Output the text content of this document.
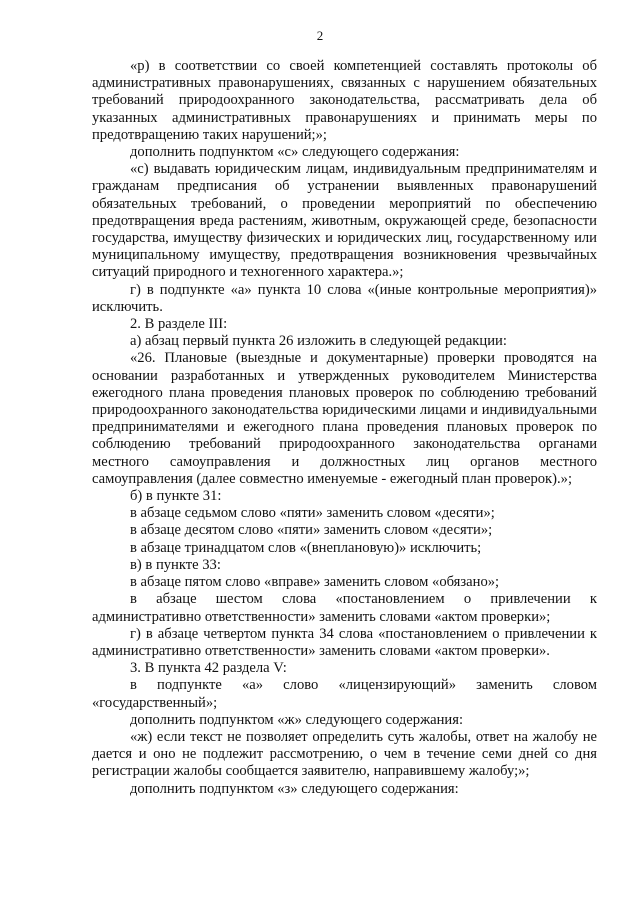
2

«р) в соответствии со своей компетенцией составлять протоколы об административных правонарушениях, связанных с нарушением обязательных требований природоохранного законодательства, рассматривать дела об указанных административных правонарушениях и принимать меры по предотвращению таких нарушений;»;

дополнить подпунктом «с» следующего содержания:

«с) выдавать юридическим лицам, индивидуальным предпринимателям и гражданам предписания об устранении выявленных правонарушений обязательных требований, о проведении мероприятий по обеспечению предотвращения вреда растениям, животным, окружающей среде, безопасности государства, имуществу физических и юридических лиц, государственному или муниципальному имуществу, предотвращения возникновения чрезвычайных ситуаций природного и техногенного характера.»;

г) в подпункте «а» пункта 10 слова «(иные контрольные мероприятия)» исключить.

2. В разделе III:

а) абзац первый пункта 26 изложить в следующей редакции:

«26. Плановые (выездные и документарные) проверки проводятся на основании разработанных и утвержденных руководителем Министерства ежегодного плана проведения плановых проверок по соблюдению требований природоохранного законодательства юридическими лицами и индивидуальными предпринимателями и ежегодного плана проведения плановых проверок по соблюдению требований природоохранного законодательства органами местного самоуправления и должностных лиц органов местного самоуправления (далее совместно именуемые - ежегодный план проверок).»;

б) в пункте 31:

в абзаце седьмом слово «пяти» заменить словом «десяти»;

в абзаце десятом слово «пяти» заменить словом «десяти»;

в абзаце тринадцатом слов «(внеплановую)» исключить;

в) в пункте 33:

в абзаце пятом слово «вправе» заменить словом «обязано»;

в абзаце шестом слова «постановлением о привлечении к административно ответственности» заменить словами «актом проверки»;

г) в абзаце четвертом пункта 34 слова «постановлением о привлечении к административно ответственности» заменить словами «актом проверки».

3. В пункта 42 раздела V:

в подпункте «а» слово «лицензирующий» заменить словом «государственный»;

дополнить подпунктом «ж» следующего содержания:

«ж) если текст не позволяет определить суть жалобы, ответ на жалобу не дается и оно не подлежит рассмотрению, о чем в течение семи дней со дня регистрации жалобы сообщается заявителю, направившему жалобу;»;

дополнить подпунктом «з» следующего содержания:
